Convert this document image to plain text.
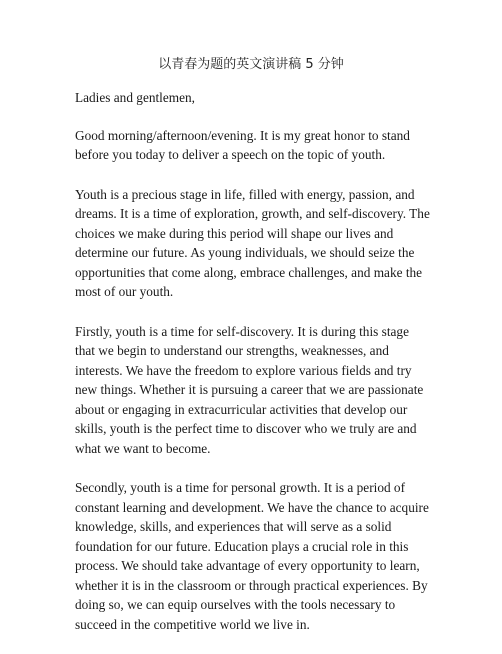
以青春为题的英文演讲稿 5 分钟

Ladies and gentlemen,

Good morning/afternoon/evening. It is my great honor to stand before you today to deliver a speech on the topic of youth.

Youth is a precious stage in life, filled with energy, passion, and dreams. It is a time of exploration, growth, and self-discovery. The choices we make during this period will shape our lives and determine our future. As young individuals, we should seize the opportunities that come along, embrace challenges, and make the most of our youth.

Firstly, youth is a time for self-discovery. It is during this stage that we begin to understand our strengths, weaknesses, and interests. We have the freedom to explore various fields and try new things. Whether it is pursuing a career that we are passionate about or engaging in extracurricular activities that develop our skills, youth is the perfect time to discover who we truly are and what we want to become.

Secondly, youth is a time for personal growth. It is a period of constant learning and development. We have the chance to acquire knowledge, skills, and experiences that will serve as a solid foundation for our future. Education plays a crucial role in this process. We should take advantage of every opportunity to learn, whether it is in the classroom or through practical experiences. By doing so, we can equip ourselves with the tools necessary to succeed in the competitive world we live in.
